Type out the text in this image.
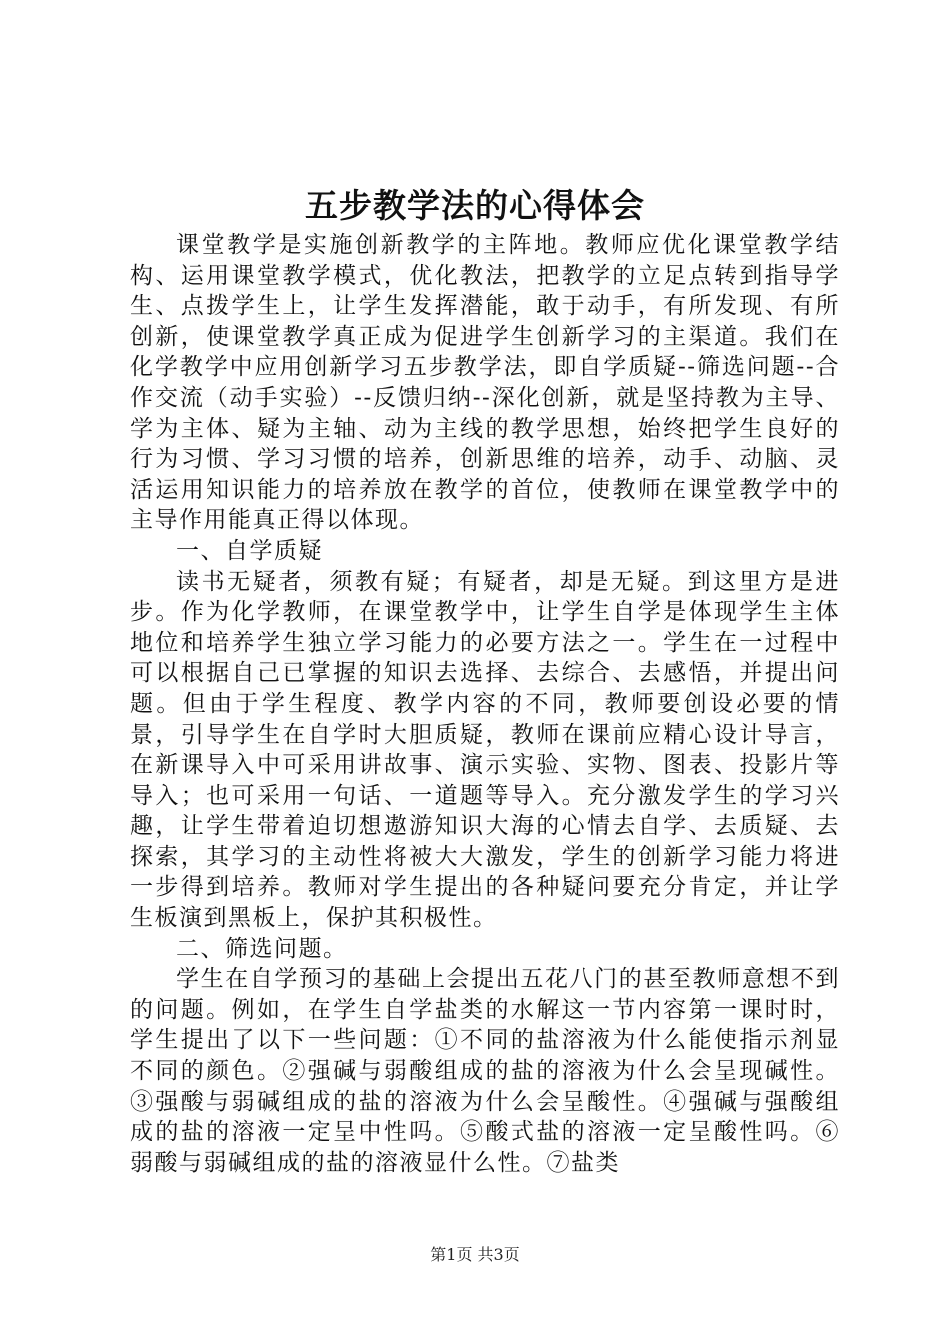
五步教学法的心得体会

课堂教学是实施创新教学的主阵地。教师应优化课堂教学结构、运用课堂教学模式，优化教法，把教学的立足点转到指导学生、点拨学生上，让学生发挥潜能，敢于动手，有所发现、有所创新，使课堂教学真正成为促进学生创新学习的主渠道。我们在化学教学中应用创新学习五步教学法，即自学质疑--筛选问题--合作交流（动手实验）--反馈归纳--深化创新，就是坚持教为主导、学为主体、疑为主轴、动为主线的教学思想，始终把学生良好的行为习惯、学习习惯的培养，创新思维的培养，动手、动脑、灵活运用知识能力的培养放在教学的首位，使教师在课堂教学中的主导作用能真正得以体现。

一、自学质疑

读书无疑者，须教有疑；有疑者，却是无疑。到这里方是进步。作为化学教师，在课堂教学中，让学生自学是体现学生主体地位和培养学生独立学习能力的必要方法之一。学生在一过程中可以根据自己已掌握的知识去选择、去综合、去感悟，并提出问题。但由于学生程度、教学内容的不同，教师要创设必要的情景，引导学生在自学时大胆质疑，教师在课前应精心设计导言，在新课导入中可采用讲故事、演示实验、实物、图表、投影片等导入；也可采用一句话、一道题等导入。充分激发学生的学习兴趣，让学生带着迫切想遨游知识大海的心情去自学、去质疑、去探索，其学习的主动性将被大大激发，学生的创新学习能力将进一步得到培养。教师对学生提出的各种疑问要充分肯定，并让学生板演到黑板上，保护其积极性。

二、筛选问题。

学生在自学预习的基础上会提出五花八门的甚至教师意想不到的问题。例如，在学生自学盐类的水解这一节内容第一课时时，学生提出了以下一些问题：①不同的盐溶液为什么能使指示剂显不同的颜色。②强碱与弱酸组成的盐的溶液为什么会呈现碱性。③强酸与弱碱组成的盐的溶液为什么会呈酸性。④强碱与强酸组成的盐的溶液一定呈中性吗。⑤酸式盐的溶液一定呈酸性吗。⑥弱酸与弱碱组成的盐的溶液显什么性。⑦盐类

第1页 共3页
